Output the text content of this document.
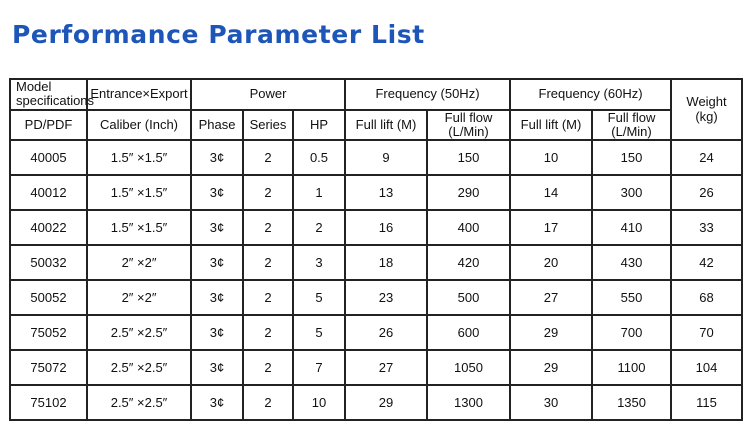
Performance Parameter List
Model specifications	Entrance×Export	Power			Frequency (50Hz)		Frequency (60Hz)		Weight (kg)
PD/PDF	Caliber (Inch)	Phase	Series	HP	Full lift (M)	Full flow (L/Min)	Full lift (M)	Full flow (L/Min)	
40005	1.5″ ×1.5″	3¢	2	0.5	9	150	10	150	24
40012	1.5″ ×1.5″	3¢	2	1	13	290	14	300	26
40022	1.5″ ×1.5″	3¢	2	2	16	400	17	410	33
50032	2″ ×2″	3¢	2	3	18	420	20	430	42
50052	2″ ×2″	3¢	2	5	23	500	27	550	68
75052	2.5″ ×2.5″	3¢	2	5	26	600	29	700	70
75072	2.5″ ×2.5″	3¢	2	7	27	1050	29	1100	104
75102	2.5″ ×2.5″	3¢	2	10	29	1300	30	1350	115
